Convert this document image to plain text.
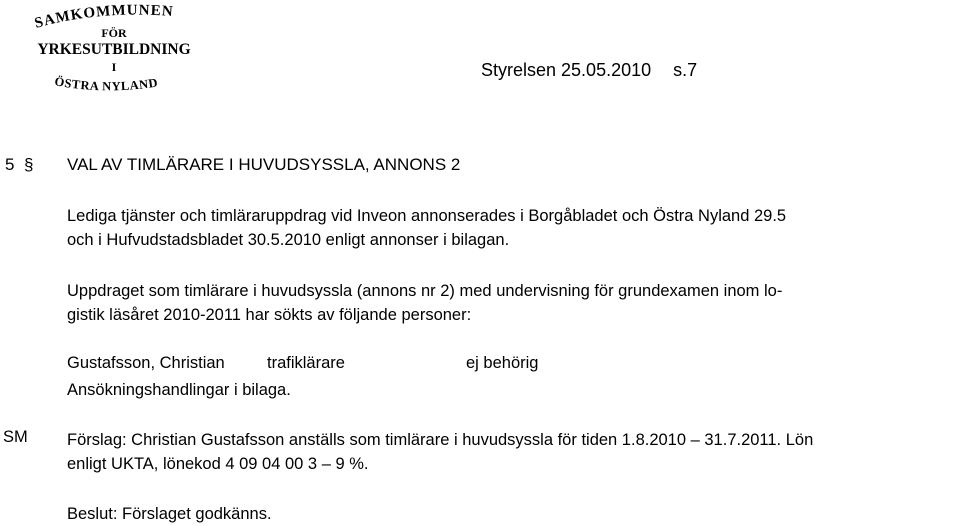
SAMKOMMUNEN
FÖR
YRKESUTBILDNING
I
ÖSTRA NYLAND
Styrelsen 25.05.2010 s.7
5 § VAL AV TIMLÄRARE I HUVUDSYSSLA, ANNONS 2
Lediga tjänster och timläraruppdrag vid Inveon annonserades i Borgåbladet och Östra Nyland 29.5
och i Hufvudstadsbladet 30.5.2010 enligt annonser i bilagan.
Uppdraget som timlärare i huvudsyssla (annons nr 2) med undervisning för grundexamen inom lo-
gistik läsåret 2010-2011 har sökts av följande personer:
Gustafsson, Christian	trafiklärare	ej behörig
Ansökningshandlingar i bilaga.
SM Förslag: Christian Gustafsson anställs som timlärare i huvudsyssla för tiden 1.8.2010 – 31.7.2011. Lön
enligt UKTA, lönekod 4 09 04 00 3 – 9 %.
Beslut: Förslaget godkänns.
